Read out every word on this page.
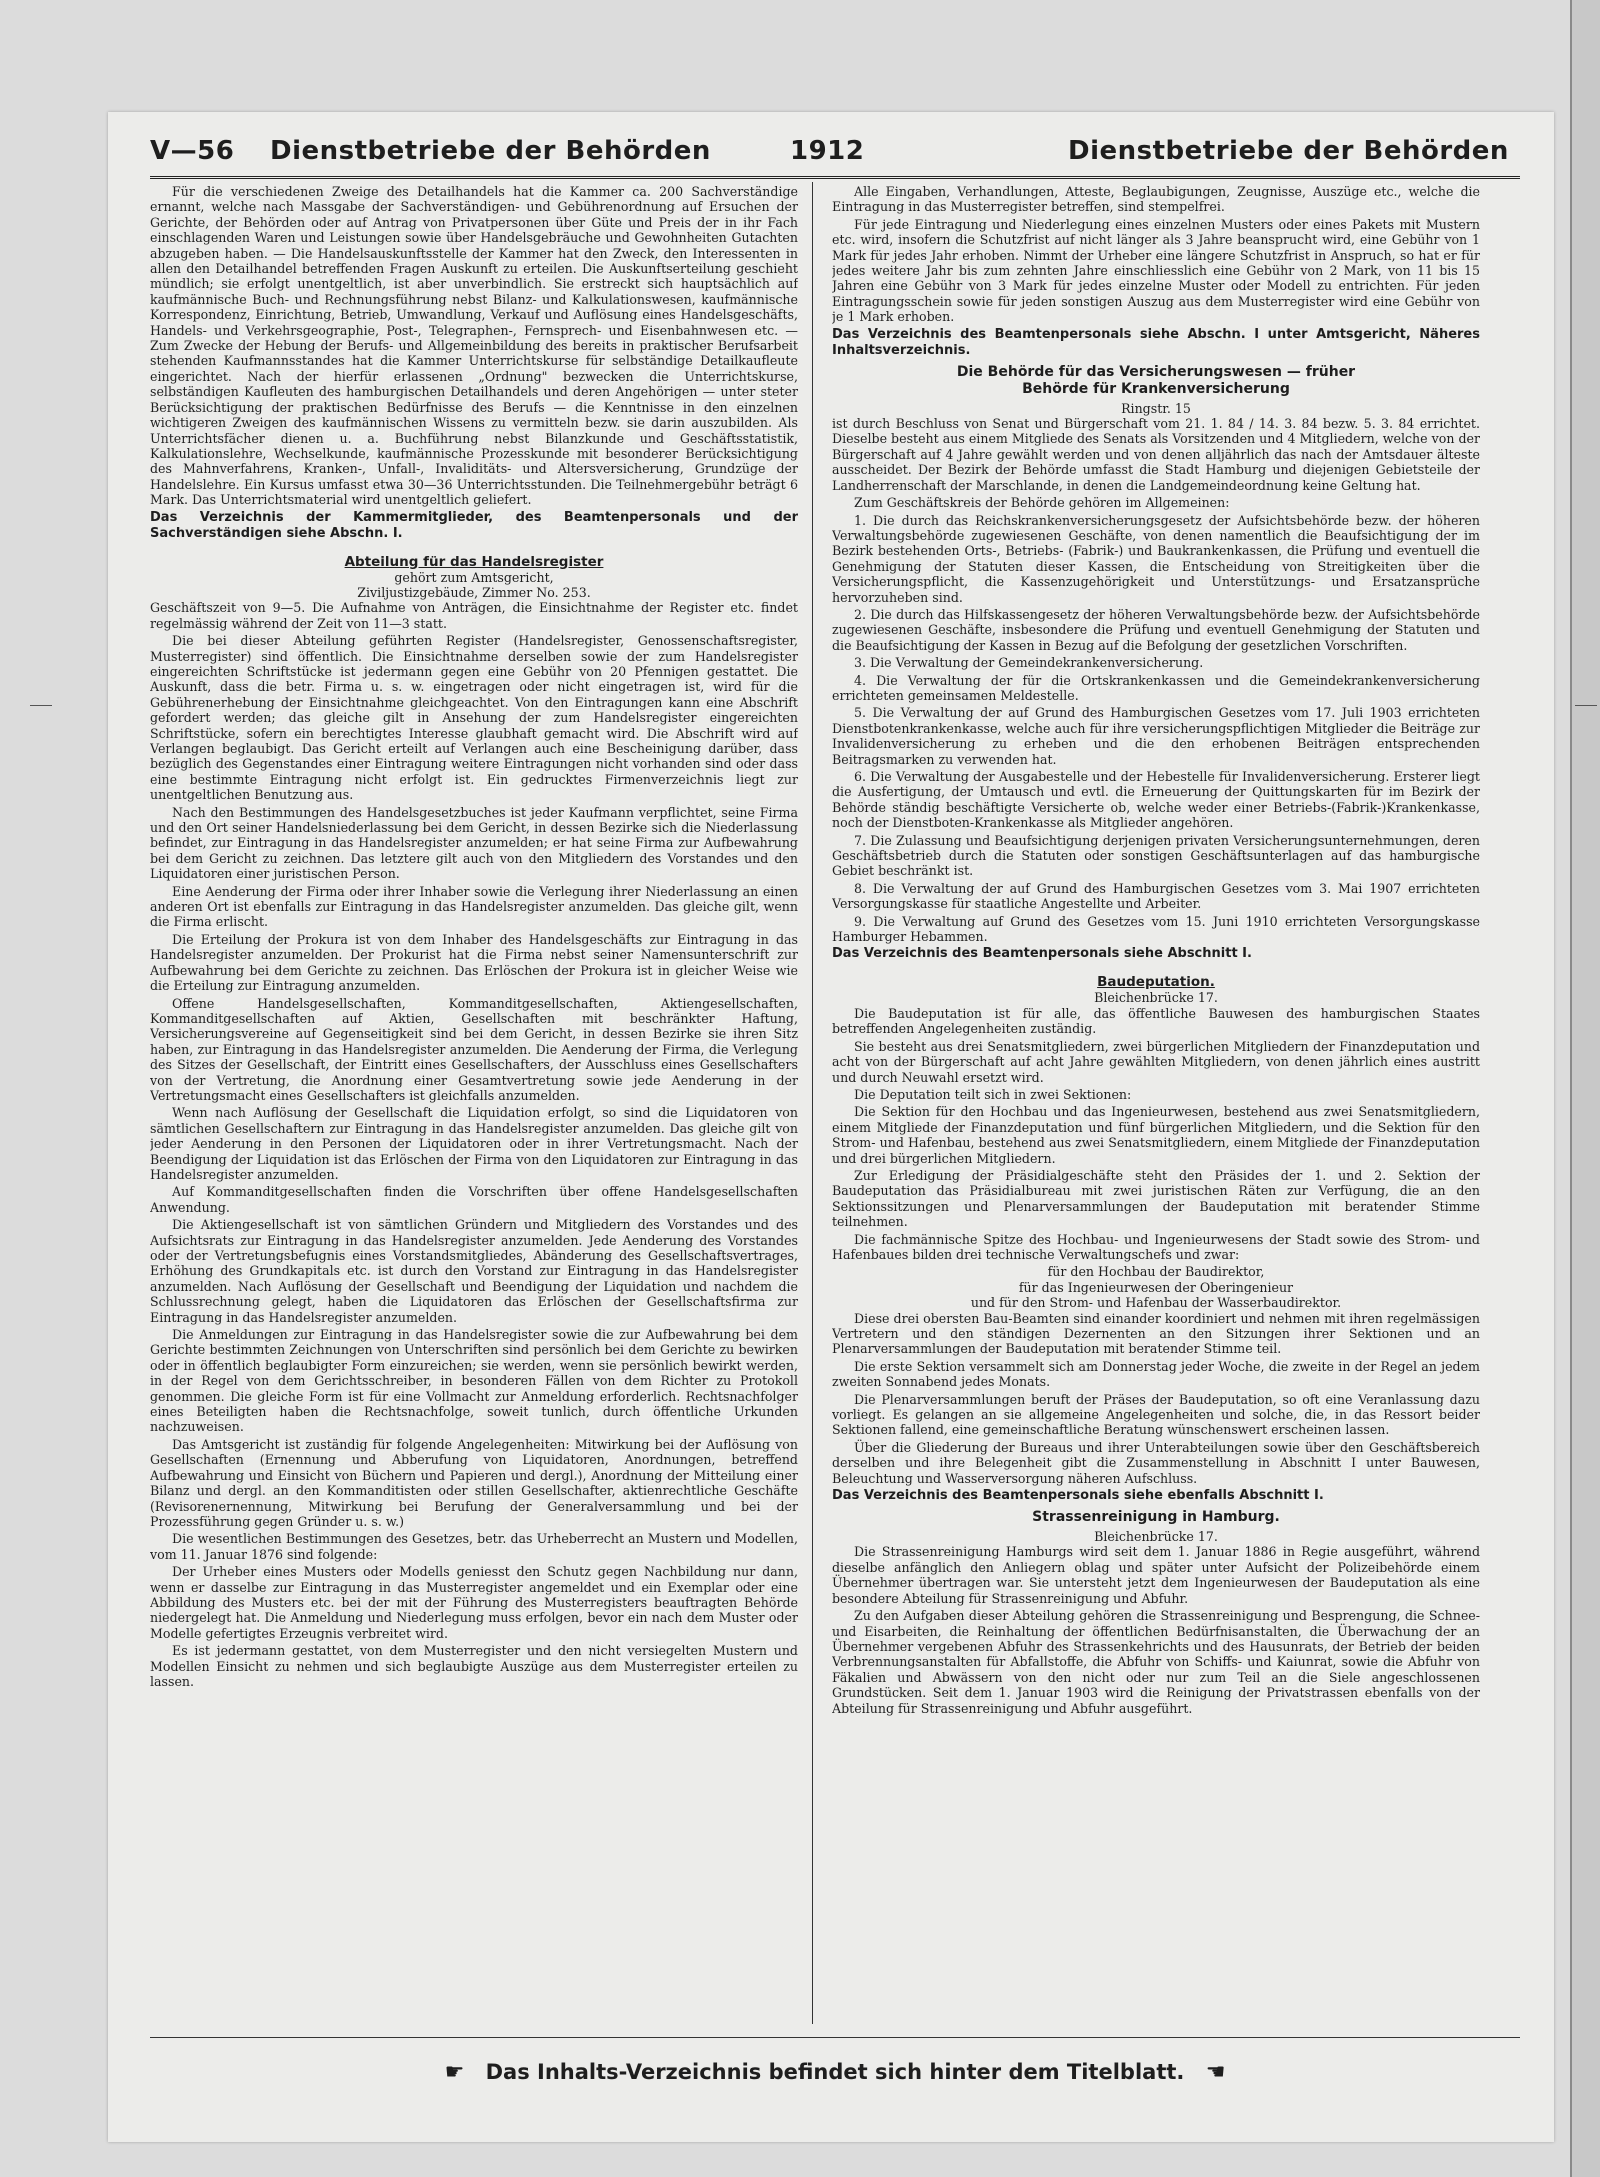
V—56 Dienstbetriebe der Behörden	1912	Dienstbetriebe der Behörden

Für die verschiedenen Zweige des Detailhandels hat die Kammer ca. 200 Sachverständige ernannt, welche nach Massgabe der Sachverständigen- und Gebührenordnung auf Ersuchen der Gerichte, der Behörden oder auf Antrag von Privatpersonen über Güte und Preis der in ihr Fach einschlagenden Waren und Leistungen sowie über Handelsgebräuche und Gewohnheiten Gutachten abzugeben haben. — Die Handelsauskunftsstelle der Kammer hat den Zweck, den Interessenten in allen den Detailhandel betreffenden Fragen Auskunft zu erteilen. Die Auskunftserteilung geschieht mündlich; sie erfolgt unentgeltlich, ist aber unverbindlich. Sie erstreckt sich hauptsächlich auf kaufmännische Buch- und Rechnungsführung nebst Bilanz- und Kalkulationswesen, kaufmännische Korrespondenz, Einrichtung, Betrieb, Umwandlung, Verkauf und Auflösung eines Handelsgeschäfts, Handels- und Verkehrsgeographie, Post-, Telegraphen-, Fernsprech- und Eisenbahnwesen etc. — Zum Zwecke der Hebung der Berufs- und Allgemeinbildung des bereits in praktischer Berufsarbeit stehenden Kaufmannsstandes hat die Kammer Unterrichtskurse für selbständige Detailkaufleute eingerichtet. Nach der hierfür erlassenen „Ordnung" bezwecken die Unterrichtskurse, selbständigen Kaufleuten des hamburgischen Detailhandels und deren Angehörigen — unter steter Berücksichtigung der praktischen Bedürfnisse des Berufs — die Kenntnisse in den einzelnen wichtigeren Zweigen des kaufmännischen Wissens zu vermitteln bezw. sie darin auszubilden. Als Unterrichtsfächer dienen u. a. Buchführung nebst Bilanzkunde und Geschäftsstatistik, Kalkulationslehre, Wechselkunde, kaufmännische Prozesskunde mit besonderer Berücksichtigung des Mahnverfahrens, Kranken-, Unfall-, Invaliditäts- und Altersversicherung, Grundzüge der Handelslehre. Ein Kursus umfasst etwa 30—36 Unterrichtsstunden. Die Teilnehmergebühr beträgt 6 Mark. Das Unterrichtsmaterial wird unentgeltlich geliefert.

Das Verzeichnis der Kammermitglieder, des Beamtenpersonals und der Sachverständigen siehe Abschn. I.

Abteilung für das Handelsregister

gehört zum Amtsgericht,

Ziviljustizgebäude, Zimmer No. 253.

Geschäftszeit von 9—5. Die Aufnahme von Anträgen, die Einsichtnahme der Register etc. findet regelmässig während der Zeit von 11—3 statt.

Die bei dieser Abteilung geführten Register (Handelsregister, Genossenschaftsregister, Musterregister) sind öffentlich. Die Einsichtnahme derselben sowie der zum Handelsregister eingereichten Schriftstücke ist jedermann gegen eine Gebühr von 20 Pfennigen gestattet. Die Auskunft, dass die betr. Firma u. s. w. eingetragen oder nicht eingetragen ist, wird für die Gebührenerhebung der Einsichtnahme gleichgeachtet. Von den Eintragungen kann eine Abschrift gefordert werden; das gleiche gilt in Ansehung der zum Handelsregister eingereichten Schriftstücke, sofern ein berechtigtes Interesse glaubhaft gemacht wird. Die Abschrift wird auf Verlangen beglaubigt. Das Gericht erteilt auf Verlangen auch eine Bescheinigung darüber, dass bezüglich des Gegenstandes einer Eintragung weitere Eintragungen nicht vorhanden sind oder dass eine bestimmte Eintragung nicht erfolgt ist. Ein gedrucktes Firmenverzeichnis liegt zur unentgeltlichen Benutzung aus.

Nach den Bestimmungen des Handelsgesetzbuches ist jeder Kaufmann verpflichtet, seine Firma und den Ort seiner Handelsniederlassung bei dem Gericht, in dessen Bezirke sich die Niederlassung befindet, zur Eintragung in das Handelsregister anzumelden; er hat seine Firma zur Aufbewahrung bei dem Gericht zu zeichnen. Das letztere gilt auch von den Mitgliedern des Vorstandes und den Liquidatoren einer juristischen Person.

Eine Aenderung der Firma oder ihrer Inhaber sowie die Verlegung ihrer Niederlassung an einen anderen Ort ist ebenfalls zur Eintragung in das Handelsregister anzumelden. Das gleiche gilt, wenn die Firma erlischt.

Die Erteilung der Prokura ist von dem Inhaber des Handelsgeschäfts zur Eintragung in das Handelsregister anzumelden. Der Prokurist hat die Firma nebst seiner Namensunterschrift zur Aufbewahrung bei dem Gerichte zu zeichnen. Das Erlöschen der Prokura ist in gleicher Weise wie die Erteilung zur Eintragung anzumelden.

Offene Handelsgesellschaften, Kommanditgesellschaften, Aktiengesellschaften, Kommanditgesellschaften auf Aktien, Gesellschaften mit beschränkter Haftung, Versicherungsvereine auf Gegenseitigkeit sind bei dem Gericht, in dessen Bezirke sie ihren Sitz haben, zur Eintragung in das Handelsregister anzumelden. Die Aenderung der Firma, die Verlegung des Sitzes der Gesellschaft, der Eintritt eines Gesellschafters, der Ausschluss eines Gesellschafters von der Vertretung, die Anordnung einer Gesamtvertretung sowie jede Aenderung in der Vertretungsmacht eines Gesellschafters ist gleichfalls anzumelden.

Wenn nach Auflösung der Gesellschaft die Liquidation erfolgt, so sind die Liquidatoren von sämtlichen Gesellschaftern zur Eintragung in das Handelsregister anzumelden. Das gleiche gilt von jeder Aenderung in den Personen der Liquidatoren oder in ihrer Vertretungsmacht. Nach der Beendigung der Liquidation ist das Erlöschen der Firma von den Liquidatoren zur Eintragung in das Handelsregister anzumelden.

Auf Kommanditgesellschaften finden die Vorschriften über offene Handelsgesellschaften Anwendung.

Die Aktiengesellschaft ist von sämtlichen Gründern und Mitgliedern des Vorstandes und des Aufsichtsrats zur Eintragung in das Handelsregister anzumelden. Jede Aenderung des Vorstandes oder der Vertretungsbefugnis eines Vorstandsmitgliedes, Abänderung des Gesellschaftsvertrages, Erhöhung des Grundkapitals etc. ist durch den Vorstand zur Eintragung in das Handelsregister anzumelden. Nach Auflösung der Gesellschaft und Beendigung der Liquidation und nachdem die Schlussrechnung gelegt, haben die Liquidatoren das Erlöschen der Gesellschaftsfirma zur Eintragung in das Handelsregister anzumelden.

Die Anmeldungen zur Eintragung in das Handelsregister sowie die zur Aufbewahrung bei dem Gerichte bestimmten Zeichnungen von Unterschriften sind persönlich bei dem Gerichte zu bewirken oder in öffentlich beglaubigter Form einzureichen; sie werden, wenn sie persönlich bewirkt werden, in der Regel von dem Gerichtsschreiber, in besonderen Fällen von dem Richter zu Protokoll genommen. Die gleiche Form ist für eine Vollmacht zur Anmeldung erforderlich. Rechtsnachfolger eines Beteiligten haben die Rechtsnachfolge, soweit tunlich, durch öffentliche Urkunden nachzuweisen.

Das Amtsgericht ist zuständig für folgende Angelegenheiten: Mitwirkung bei der Auflösung von Gesellschaften (Ernennung und Abberufung von Liquidatoren, Anordnungen, betreffend Aufbewahrung und Einsicht von Büchern und Papieren und dergl.), Anordnung der Mitteilung einer Bilanz und dergl. an den Kommanditisten oder stillen Gesellschafter, aktienrechtliche Geschäfte (Revisorenernennung, Mitwirkung bei Berufung der Generalversammlung und bei der Prozessführung gegen Gründer u. s. w.)

Die wesentlichen Bestimmungen des Gesetzes, betr. das Urheberrecht an Mustern und Modellen, vom 11. Januar 1876 sind folgende:

Der Urheber eines Musters oder Modells geniesst den Schutz gegen Nachbildung nur dann, wenn er dasselbe zur Eintragung in das Musterregister angemeldet und ein Exemplar oder eine Abbildung des Musters etc. bei der mit der Führung des Musterregisters beauftragten Behörde niedergelegt hat. Die Anmeldung und Niederlegung muss erfolgen, bevor ein nach dem Muster oder Modelle gefertigtes Erzeugnis verbreitet wird.

Es ist jedermann gestattet, von dem Musterregister und den nicht versiegelten Mustern und Modellen Einsicht zu nehmen und sich beglaubigte Auszüge aus dem Musterregister erteilen zu lassen.

Alle Eingaben, Verhandlungen, Atteste, Beglaubigungen, Zeugnisse, Auszüge etc., welche die Eintragung in das Musterregister betreffen, sind stempelfrei.

Für jede Eintragung und Niederlegung eines einzelnen Musters oder eines Pakets mit Mustern etc. wird, insofern die Schutzfrist auf nicht länger als 3 Jahre beansprucht wird, eine Gebühr von 1 Mark für jedes Jahr erhoben. Nimmt der Urheber eine längere Schutzfrist in Anspruch, so hat er für jedes weitere Jahr bis zum zehnten Jahre einschliesslich eine Gebühr von 2 Mark, von 11 bis 15 Jahren eine Gebühr von 3 Mark für jedes einzelne Muster oder Modell zu entrichten. Für jeden Eintragungsschein sowie für jeden sonstigen Auszug aus dem Musterregister wird eine Gebühr von je 1 Mark erhoben.

Das Verzeichnis des Beamtenpersonals siehe Abschn. I unter Amtsgericht, Näheres Inhaltsverzeichnis.

Die Behörde für das Versicherungswesen — früher
Behörde für Krankenversicherung

Ringstr. 15

ist durch Beschluss von Senat und Bürgerschaft vom 21. 1. 84 / 14. 3. 84 bezw. 5. 3. 84 errichtet. Dieselbe besteht aus einem Mitgliede des Senats als Vorsitzenden und 4 Mitgliedern, welche von der Bürgerschaft auf 4 Jahre gewählt werden und von denen alljährlich das nach der Amtsdauer älteste ausscheidet. Der Bezirk der Behörde umfasst die Stadt Hamburg und diejenigen Gebietsteile der Landherrenschaft der Marschlande, in denen die Landgemeindeordnung keine Geltung hat.

Zum Geschäftskreis der Behörde gehören im Allgemeinen:

1. Die durch das Reichskrankenversicherungsgesetz der Aufsichtsbehörde bezw. der höheren Verwaltungsbehörde zugewiesenen Geschäfte, von denen namentlich die Beaufsichtigung der im Bezirk bestehenden Orts-, Betriebs- (Fabrik-) und Baukrankenkassen, die Prüfung und eventuell die Genehmigung der Statuten dieser Kassen, die Entscheidung von Streitigkeiten über die Versicherungspflicht, die Kassenzugehörigkeit und Unterstützungs- und Ersatzansprüche hervorzuheben sind.

2. Die durch das Hilfskassengesetz der höheren Verwaltungsbehörde bezw. der Aufsichtsbehörde zugewiesenen Geschäfte, insbesondere die Prüfung und eventuell Genehmigung der Statuten und die Beaufsichtigung der Kassen in Bezug auf die Befolgung der gesetzlichen Vorschriften.

3. Die Verwaltung der Gemeindekrankenversicherung.

4. Die Verwaltung der für die Ortskrankenkassen und die Gemeindekrankenversicherung errichteten gemeinsamen Meldestelle.

5. Die Verwaltung der auf Grund des Hamburgischen Gesetzes vom 17. Juli 1903 errichteten Dienstbotenkrankenkasse, welche auch für ihre versicherungspflichtigen Mitglieder die Beiträge zur Invalidenversicherung zu erheben und die den erhobenen Beiträgen entsprechenden Beitragsmarken zu verwenden hat.

6. Die Verwaltung der Ausgabestelle und der Hebestelle für Invalidenversicherung. Ersterer liegt die Ausfertigung, der Umtausch und evtl. die Erneuerung der Quittungskarten für im Bezirk der Behörde ständig beschäftigte Versicherte ob, welche weder einer Betriebs-(Fabrik-)Krankenkasse, noch der Dienstboten-Krankenkasse als Mitglieder angehören.

7. Die Zulassung und Beaufsichtigung derjenigen privaten Versicherungsunternehmungen, deren Geschäftsbetrieb durch die Statuten oder sonstigen Geschäftsunterlagen auf das hamburgische Gebiet beschränkt ist.

8. Die Verwaltung der auf Grund des Hamburgischen Gesetzes vom 3. Mai 1907 errichteten Versorgungskasse für staatliche Angestellte und Arbeiter.

9. Die Verwaltung auf Grund des Gesetzes vom 15. Juni 1910 errichteten Versorgungskasse Hamburger Hebammen.

Das Verzeichnis des Beamtenpersonals siehe Abschnitt I.

Baudeputation.

Bleichenbrücke 17.

Die Baudeputation ist für alle, das öffentliche Bauwesen des hamburgischen Staates betreffenden Angelegenheiten zuständig.

Sie besteht aus drei Senatsmitgliedern, zwei bürgerlichen Mitgliedern der Finanzdeputation und acht von der Bürgerschaft auf acht Jahre gewählten Mitgliedern, von denen jährlich eines austritt und durch Neuwahl ersetzt wird.

Die Deputation teilt sich in zwei Sektionen:

Die Sektion für den Hochbau und das Ingenieurwesen, bestehend aus zwei Senatsmitgliedern, einem Mitgliede der Finanzdeputation und fünf bürgerlichen Mitgliedern, und die Sektion für den Strom- und Hafenbau, bestehend aus zwei Senatsmitgliedern, einem Mitgliede der Finanzdeputation und drei bürgerlichen Mitgliedern.

Zur Erledigung der Präsidialgeschäfte steht den Präsides der 1. und 2. Sektion der Baudeputation das Präsidialbureau mit zwei juristischen Räten zur Verfügung, die an den Sektionssitzungen und Plenarversammlungen der Baudeputation mit beratender Stimme teilnehmen.

Die fachmännische Spitze des Hochbau- und Ingenieurwesens der Stadt sowie des Strom- und Hafenbaues bilden drei technische Verwaltungschefs und zwar:

für den Hochbau der Baudirektor,

für das Ingenieurwesen der Oberingenieur

und für den Strom- und Hafenbau der Wasserbaudirektor.

Diese drei obersten Bau-Beamten sind einander koordiniert und nehmen mit ihren regelmässigen Vertretern und den ständigen Dezernenten an den Sitzungen ihrer Sektionen und an Plenarversammlungen der Baudeputation mit beratender Stimme teil.

Die erste Sektion versammelt sich am Donnerstag jeder Woche, die zweite in der Regel an jedem zweiten Sonnabend jedes Monats.

Die Plenarversammlungen beruft der Präses der Baudeputation, so oft eine Veranlassung dazu vorliegt. Es gelangen an sie allgemeine Angelegenheiten und solche, die, in das Ressort beider Sektionen fallend, eine gemeinschaftliche Beratung wünschenswert erscheinen lassen.

Über die Gliederung der Bureaus und ihrer Unterabteilungen sowie über den Geschäftsbereich derselben und ihre Belegenheit gibt die Zusammenstellung in Abschnitt I unter Bauwesen, Beleuchtung und Wasserversorgung näheren Aufschluss.

Das Verzeichnis des Beamtenpersonals siehe ebenfalls Abschnitt I.

Strassenreinigung in Hamburg.

Bleichenbrücke 17.

Die Strassenreinigung Hamburgs wird seit dem 1. Januar 1886 in Regie ausgeführt, während dieselbe anfänglich den Anliegern oblag und später unter Aufsicht der Polizeibehörde einem Übernehmer übertragen war. Sie untersteht jetzt dem Ingenieurwesen der Baudeputation als eine besondere Abteilung für Strassenreinigung und Abfuhr.

Zu den Aufgaben dieser Abteilung gehören die Strassenreinigung und Besprengung, die Schnee- und Eisarbeiten, die Reinhaltung der öffentlichen Bedürfnisanstalten, die Überwachung der an Übernehmer vergebenen Abfuhr des Strassenkehrichts und des Hausunrats, der Betrieb der beiden Verbrennungsanstalten für Abfallstoffe, die Abfuhr von Schiffs- und Kaiunrat, sowie die Abfuhr von Fäkalien und Abwässern von den nicht oder nur zum Teil an die Siele angeschlossenen Grundstücken. Seit dem 1. Januar 1903 wird die Reinigung der Privatstrassen ebenfalls von der Abteilung für Strassenreinigung und Abfuhr ausgeführt.

☛ Das Inhalts-Verzeichnis befindet sich hinter dem Titelblatt. ☚
